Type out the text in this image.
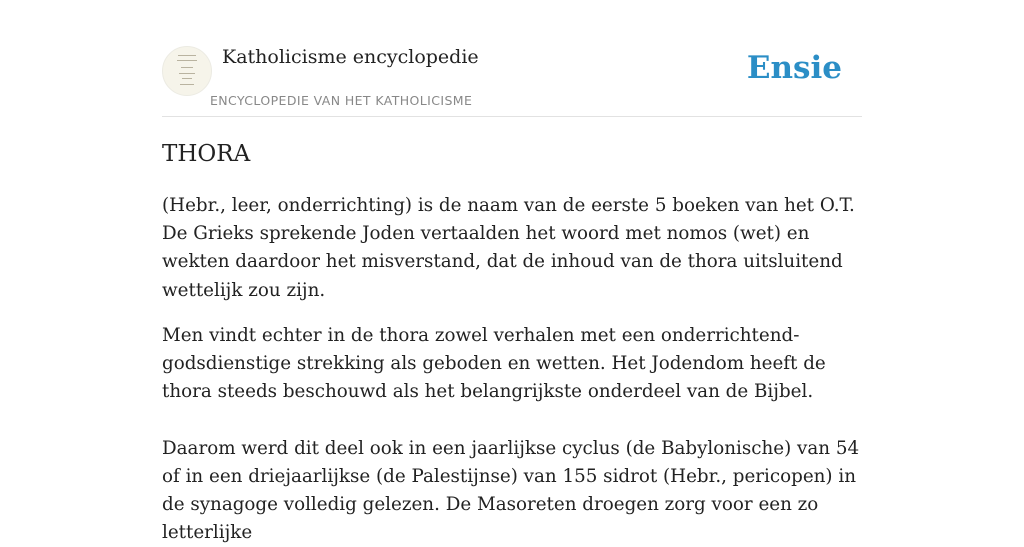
Katholicisme encyclopedie
ENCYCLOPEDIE VAN HET KATHOLICISME
Ensie
THORA

(Hebr., leer, onderrichting) is de naam van de eerste 5 boeken van het O.T. De Grieks sprekende Joden vertaalden het woord met nomos (wet) en wekten daardoor het misverstand, dat de inhoud van de thora uitsluitend wettelijk zou zijn.

Men vindt echter in de thora zowel verhalen met een onderrichtend-godsdienstige strekking als geboden en wetten. Het Jodendom heeft de thora steeds beschouwd als het belangrijkste onderdeel van de Bijbel.

Daarom werd dit deel ook in een jaarlijkse cyclus (de Babylonische) van 54 of in een driejaarlijkse (de Palestijnse) van 155 sidrot (Hebr., pericopen) in de synagoge volledig gelezen. De Masoreten droegen zorg voor een zo letterlijke
